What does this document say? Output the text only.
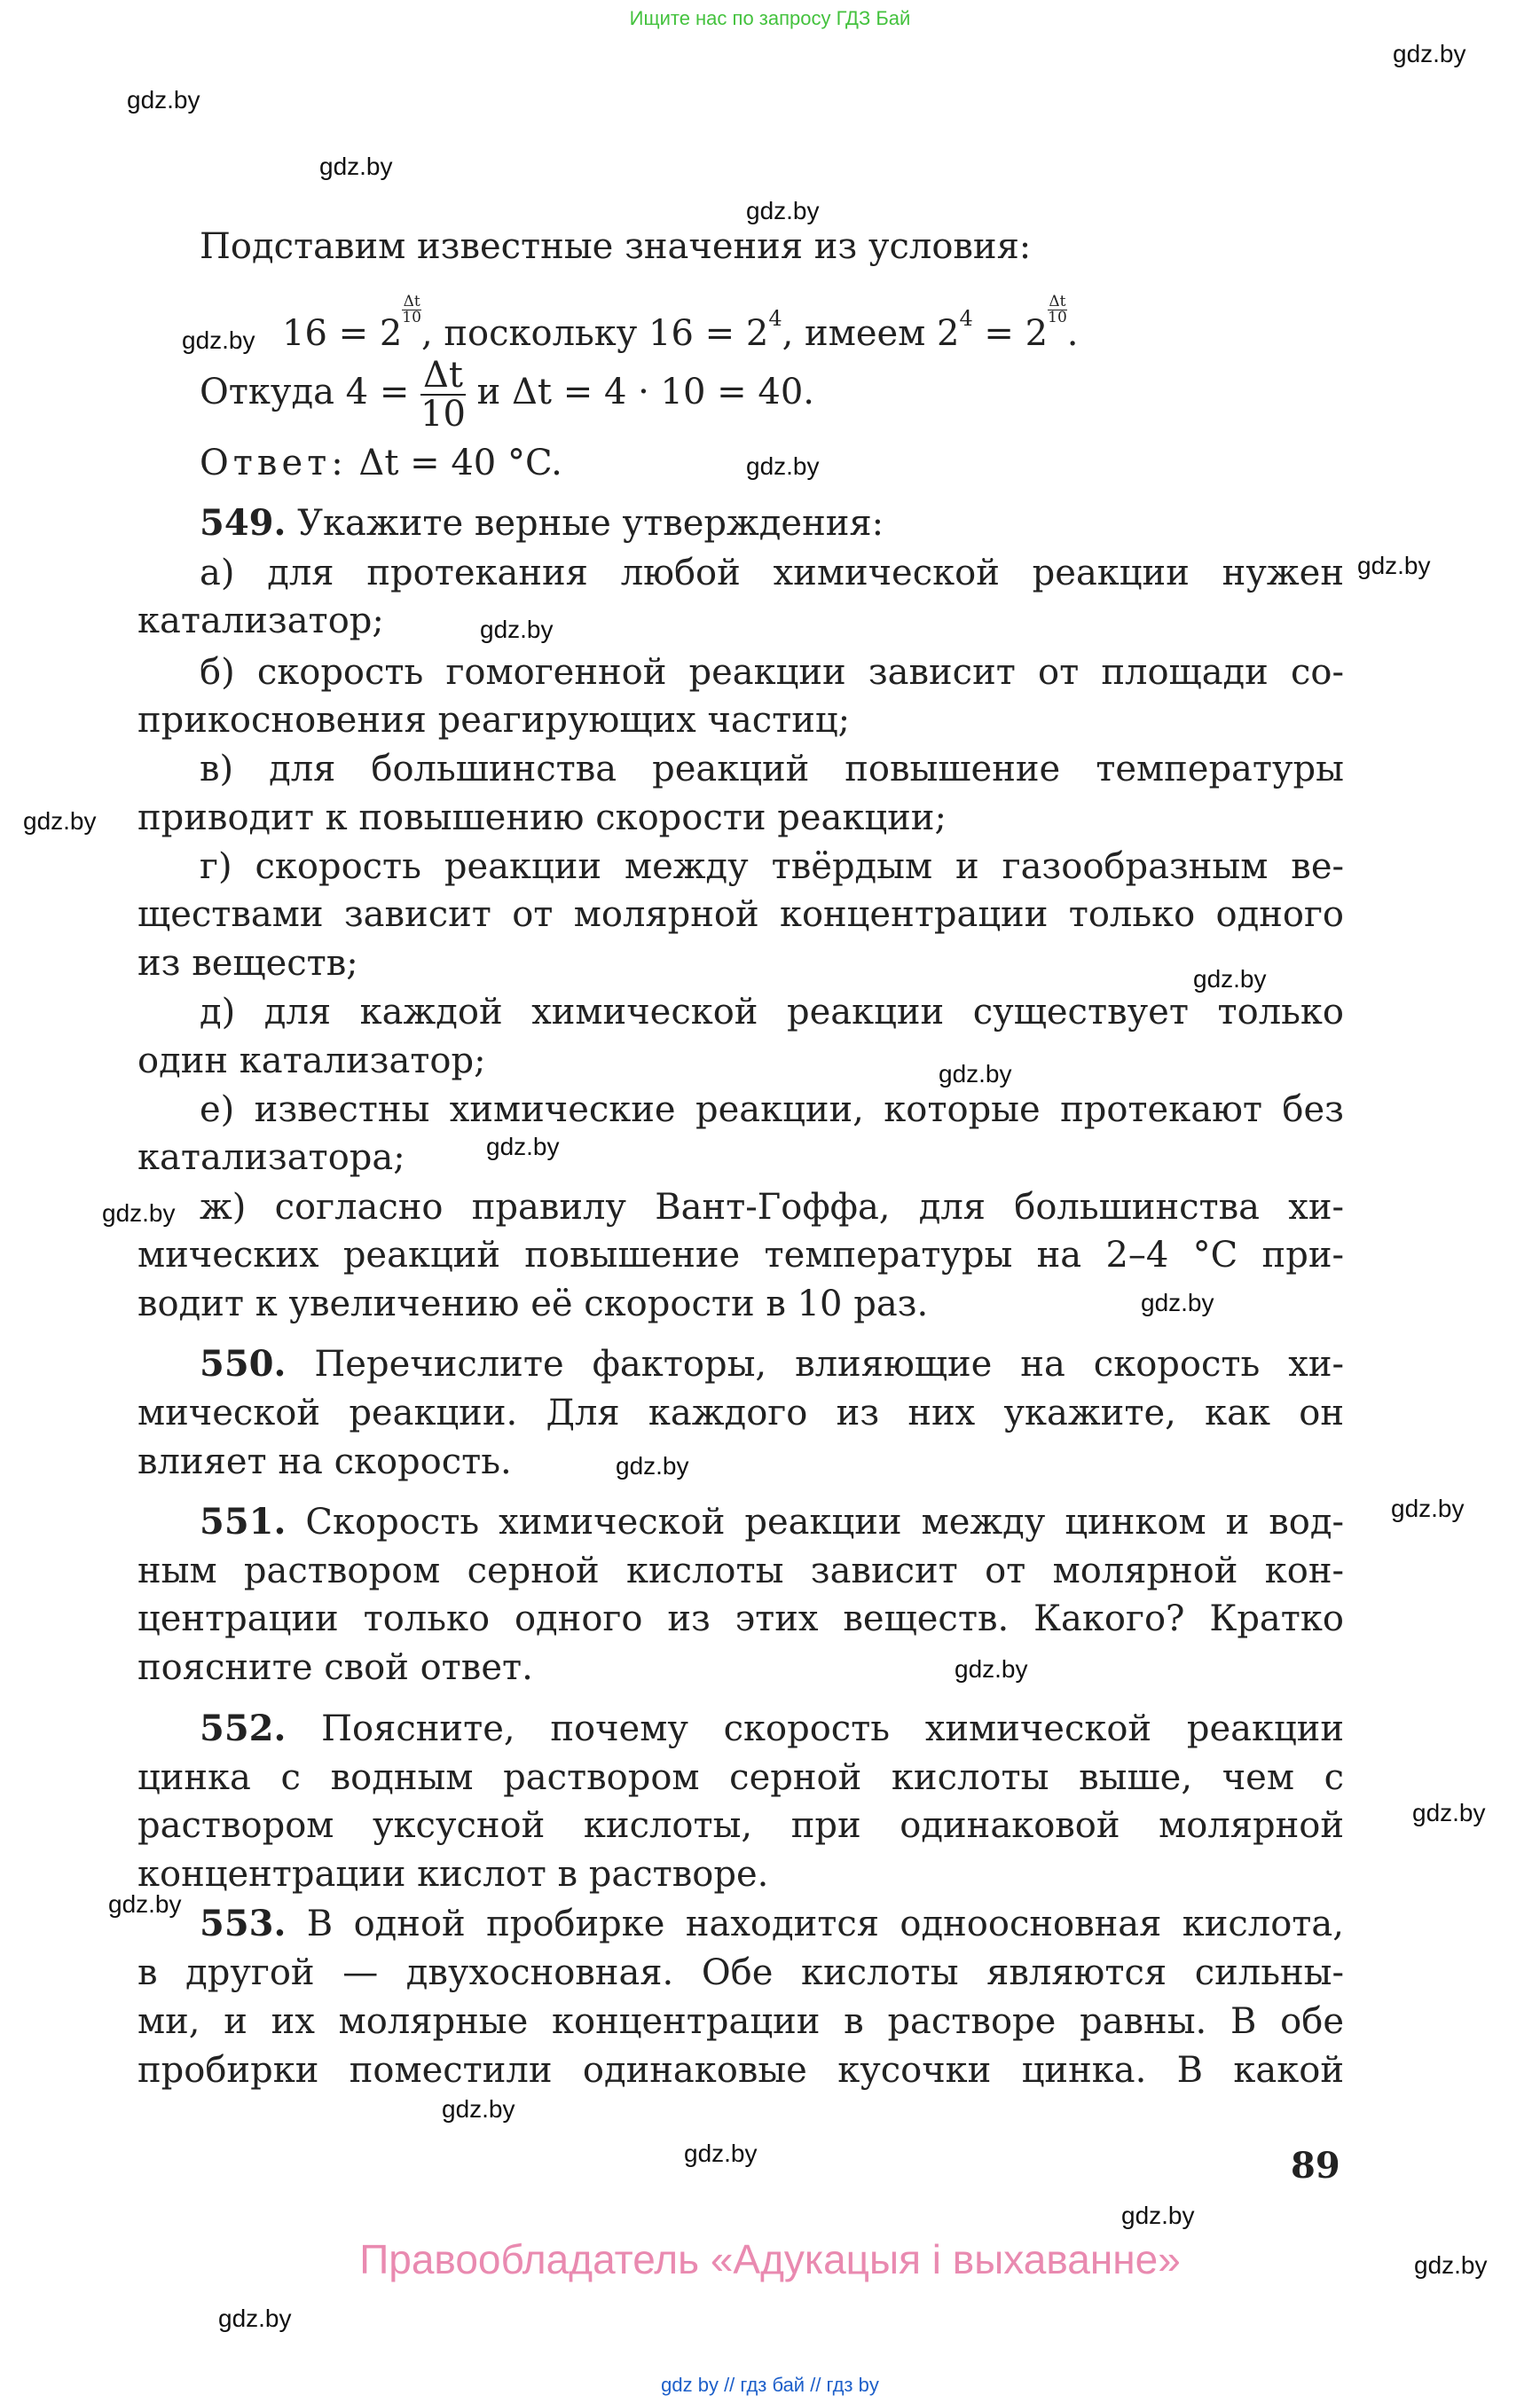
Ищите нас по запросу ГДЗ Бай
gdz.by
gdz.by
gdz.by
gdz.by
gdz.by
gdz.by
gdz.by
gdz.by
gdz.by
gdz.by
gdz.by
gdz.by
gdz.by
gdz.by
gdz.by
gdz.by
gdz.by
gdz.by
gdz.by
gdz.by
gdz.by
gdz.by
gdz.by
gdz.by
Подставим известные значения из условия:
16 = 2
$\frac{\Delta t}{10}$
, поскольку $16 = 2^4$, имеем $2^4 = 2$
$\frac{\Delta t}{10}$
.
Откуда $4 = \frac{\Delta t}{10}$ и Δt = 4 · 10 = 40.
Ответ: Δt = 40 °C.
549. Укажите верные утверждения:
а) для протекания любой химической реакции нужен
катализатор;
б) скорость гомогенной реакции зависит от площади со-
прикосновения реагирующих частиц;
в) для большинства реакций повышение температуры
приводит к повышению скорости реакции;
г) скорость реакции между твёрдым и газообразным ве-
ществами зависит от молярной концентрации только одного
из веществ;
д) для каждой химической реакции существует только
один катализатор;
е) известны химические реакции, которые протекают без
катализатора;
ж) согласно правилу Вант-Гоффа, для большинства хи-
мических реакций повышение температуры на 2–4 °С при-
водит к увеличению её скорости в 10 раз.
550. Перечислите факторы, влияющие на скорость хи-
мической реакции. Для каждого из них укажите, как он
влияет на скорость.
551. Скорость химической реакции между цинком и вод-
ным раствором серной кислоты зависит от молярной кон-
центрации только одного из этих веществ. Какого? Кратко
поясните свой ответ.
552. Поясните, почему скорость химической реакции
цинка с водным раствором серной кислоты выше, чем с
раствором уксусной кислоты, при одинаковой молярной
концентрации кислот в растворе.
553. В одной пробирке находится одноосновная кислота,
в другой — двухосновная. Обе кислоты являются сильны-
ми, и их молярные концентрации в растворе равны. В обе
пробирки поместили одинаковые кусочки цинка. В какой
89
Правообладатель «Адукацыя і выхаванне»
gdz by // гдз бай // гдз by
